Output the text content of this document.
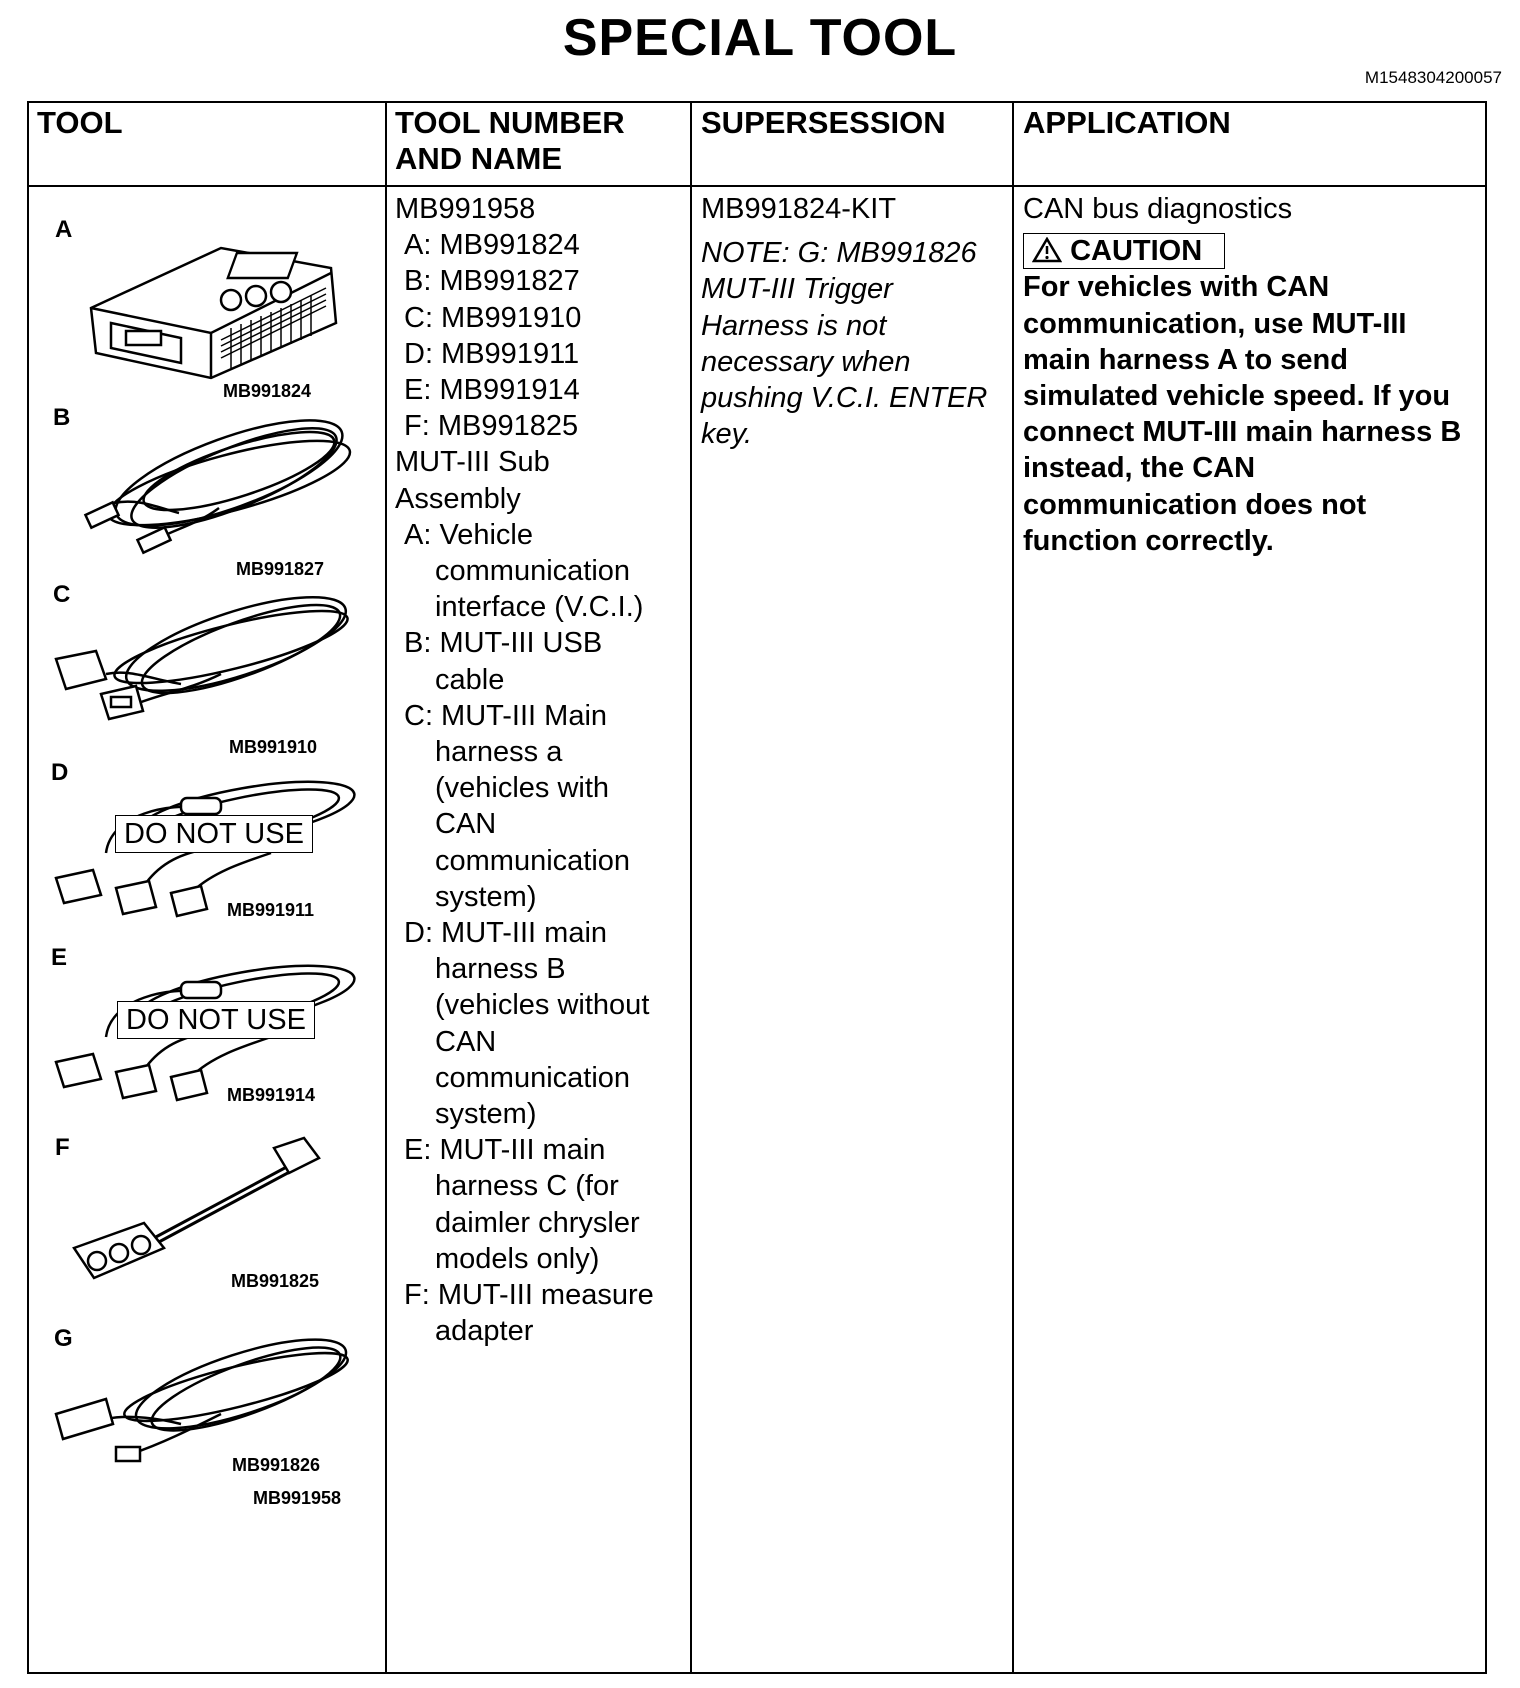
SPECIAL TOOL
M1548304200057
TOOL	TOOL NUMBER
AND NAME
SUPERSESSION APPLICATION
A
MB991824
B
MB991827
C
MB991910
D
DO NOT USE
MB991911
E
DO NOT USE
MB991914
F
MB991825
G
MB991826
MB991958
MB991958
A: MB991824
B: MB991827
C: MB991910
D: MB991911
E: MB991914
F: MB991825
MUT-III Sub
Assembly
A: Vehicle
communication
interface (V.C.I.)
B: MUT-III USB
cable
C: MUT-III Main
harness a
(vehicles with
CAN
communication
system)
D: MUT-III main
harness B
(vehicles without
CAN
communication
system)
E: MUT-III main
harness C (for
daimler chrysler
models only)
F: MUT-III measure
adapter
MB991824-KIT
NOTE: G: MB991826
MUT-III Trigger
Harness is not
necessary when
pushing V.C.I. ENTER
key.
CAN bus diagnostics
CAUTION
For vehicles with CAN
communication, use MUT-III
main harness A to send
simulated vehicle speed. If you
connect MUT-III main harness B
instead, the CAN
communication does not
function correctly.
